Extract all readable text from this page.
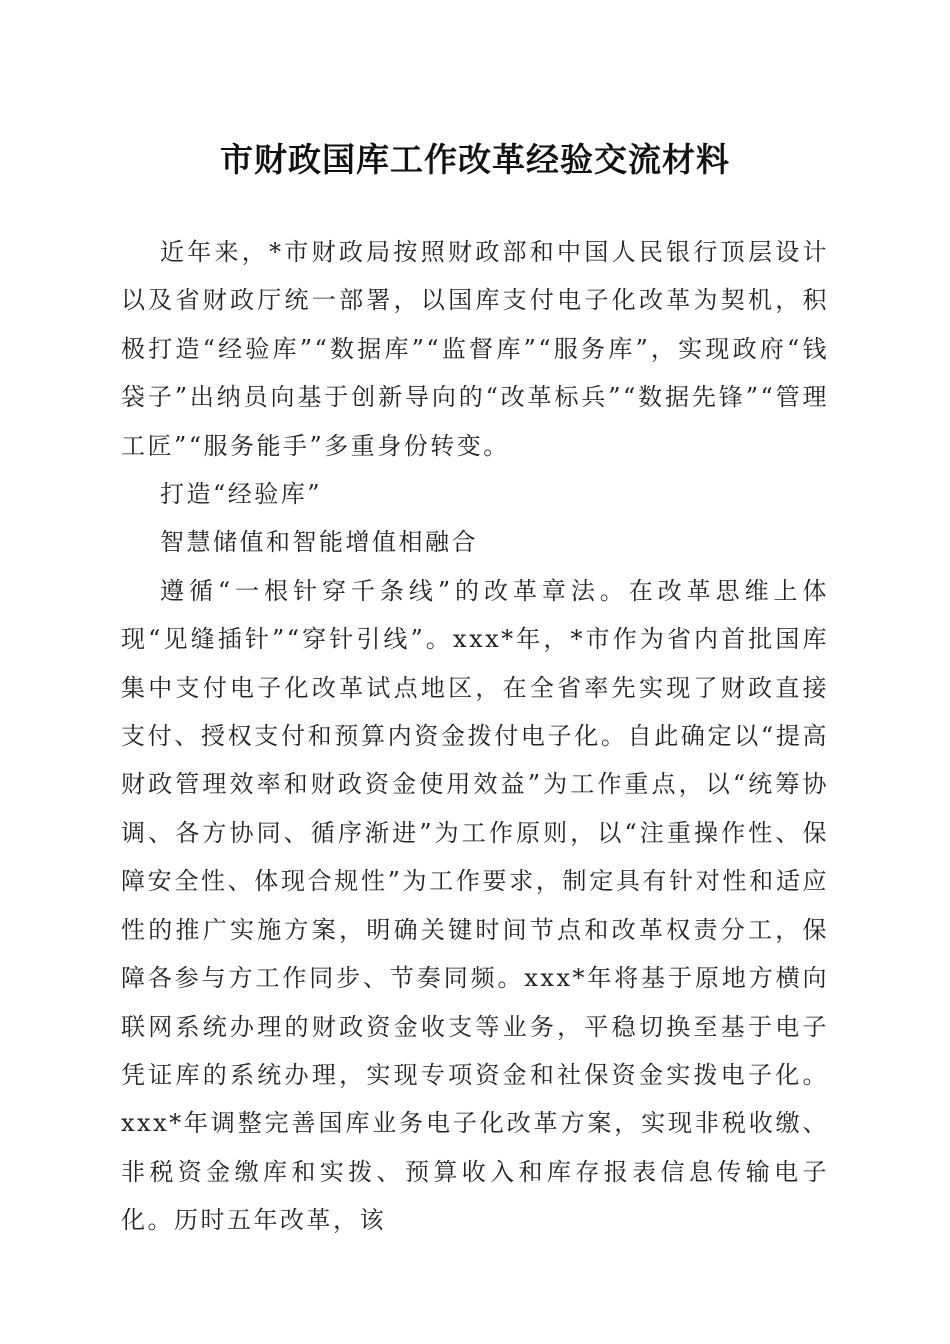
市财政国库工作改革经验交流材料

近年来，*市财政局按照财政部和中国人民银行顶层设计以及省财政厅统一部署，以国库支付电子化改革为契机，积极打造“经验库”“数据库”“监督库”“服务库”，实现政府“钱袋子”出纳员向基于创新导向的“改革标兵”“数据先锋”“管理工匠”“服务能手”多重身份转变。

打造“经验库”

智慧储值和智能增值相融合

遵循“一根针穿千条线”的改革章法。在改革思维上体现“见缝插针”“穿针引线”。xxx*年，*市作为省内首批国库集中支付电子化改革试点地区，在全省率先实现了财政直接支付、授权支付和预算内资金拨付电子化。自此确定以“提高财政管理效率和财政资金使用效益”为工作重点，以“统筹协调、各方协同、循序渐进”为工作原则，以“注重操作性、保障安全性、体现合规性”为工作要求，制定具有针对性和适应性的推广实施方案，明确关键时间节点和改革权责分工，保障各参与方工作同步、节奏同频。xxx*年将基于原地方横向联网系统办理的财政资金收支等业务，平稳切换至基于电子凭证库的系统办理，实现专项资金和社保资金实拨电子化。xxx*年调整完善国库业务电子化改革方案，实现非税收缴、非税资金缴库和实拨、预算收入和库存报表信息传输电子化。历时五年改革，该
